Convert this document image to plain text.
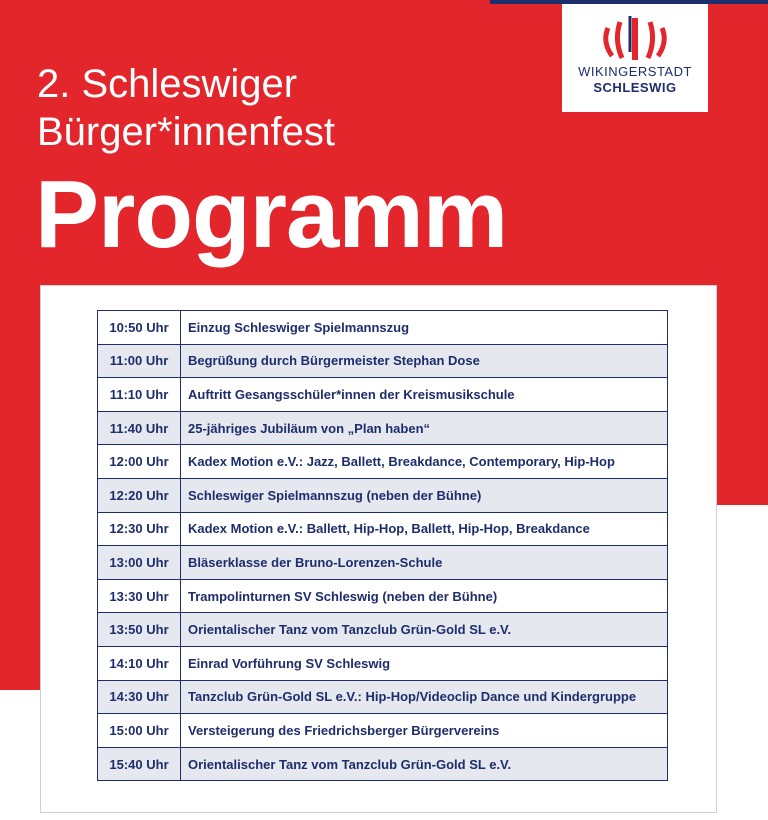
WIKINGERSTADT
SCHLESWIG
2. Schleswiger
Bürger*innenfest
Programm
10:50 Uhr	Einzug Schleswiger Spielmannszug
11:00 Uhr	Begrüßung durch Bürgermeister Stephan Dose
11:10 Uhr	Auftritt Gesangsschüler*innen der Kreismusikschule
11:40 Uhr	25-jähriges Jubiläum von „Plan haben“
12:00 Uhr	Kadex Motion e.V.: Jazz, Ballett, Breakdance, Contemporary, Hip-Hop
12:20 Uhr	Schleswiger Spielmannszug (neben der Bühne)
12:30 Uhr	Kadex Motion e.V.: Ballett, Hip-Hop, Ballett, Hip-Hop, Breakdance
13:00 Uhr	Bläserklasse der Bruno-Lorenzen-Schule
13:30 Uhr	Trampolinturnen SV Schleswig (neben der Bühne)
13:50 Uhr	Orientalischer Tanz vom Tanzclub Grün-Gold SL e.V.
14:10 Uhr	Einrad Vorführung SV Schleswig
14:30 Uhr	Tanzclub Grün-Gold SL e.V.: Hip-Hop/Videoclip Dance und Kindergruppe
15:00 Uhr	Versteigerung des Friedrichsberger Bürgervereins
15:40 Uhr	Orientalischer Tanz vom Tanzclub Grün-Gold SL e.V.
